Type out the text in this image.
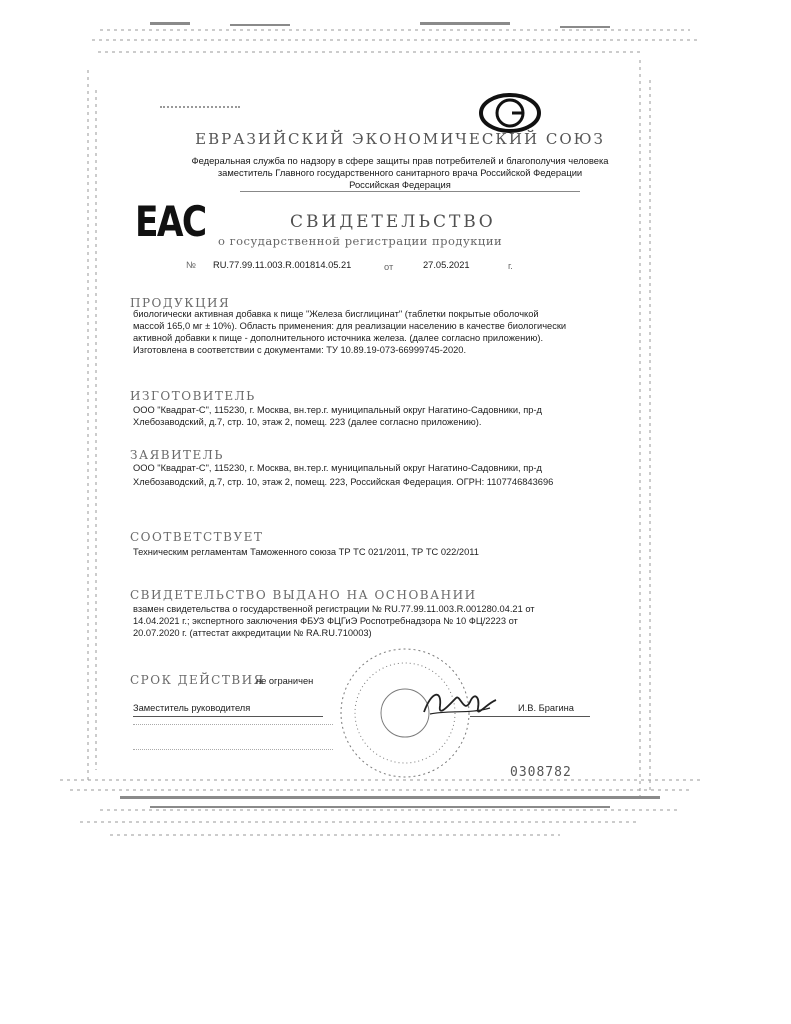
ЕВРАЗИЙСКИЙ ЭКОНОМИЧЕСКИЙ СОЮЗ
Федеральная служба по надзору в сфере защиты прав потребителей и благополучия человека
заместитель Главного государственного санитарного врача Российской Федерации
Российская Федерация
ЕАС	СВИДЕТЕЛЬСТВО
о государственной регистрации продукции
№ RU.77.99.11.003.R.001814.05.21	от	27.05.2021	г.
ПРОДУКЦИЯ
биологически активная добавка к пище "Железа бисглицинат" (таблетки покрытые оболочкой
массой 165,0 мг ± 10%). Область применения: для реализации населению в качестве биологически
активной добавки к пище - дополнительного источника железа. (далее согласно приложению).
Изготовлена в соответствии с документами: ТУ 10.89.19-073-66999745-2020.
ИЗГОТОВИТЕЛЬ
ООО "Квадрат-С", 115230, г. Москва, вн.тер.г. муниципальный округ Нагатино-Садовники, пр-д
Хлебозаводский, д.7, стр. 10, этаж 2, помещ. 223 (далее согласно приложению).
ЗАЯВИТЕЛЬ
ООО "Квадрат-С", 115230, г. Москва, вн.тер.г. муниципальный округ Нагатино-Садовники, пр-д
Хлебозаводский, д.7, стр. 10, этаж 2, помещ. 223, Российская Федерация. ОГРН: 1107746843696
СООТВЕТСТВУЕТ
Техническим регламентам Таможенного союза ТР ТС 021/2011, ТР ТС 022/2011
СВИДЕТЕЛЬСТВО ВЫДАНО НА ОСНОВАНИИ
взамен свидетельства о государственной регистрации № RU.77.99.11.003.R.001280.04.21 от
14.04.2021 г.; экспертного заключения ФБУЗ ФЦГиЭ Роспотребнадзора № 10 ФЦ/2223 от
20.07.2020 г. (аттестат аккредитации № RA.RU.710003)
СРОК ДЕЙСТВИЯ
не ограничен
Заместитель руководителя	И.В. Брагина
0308782
